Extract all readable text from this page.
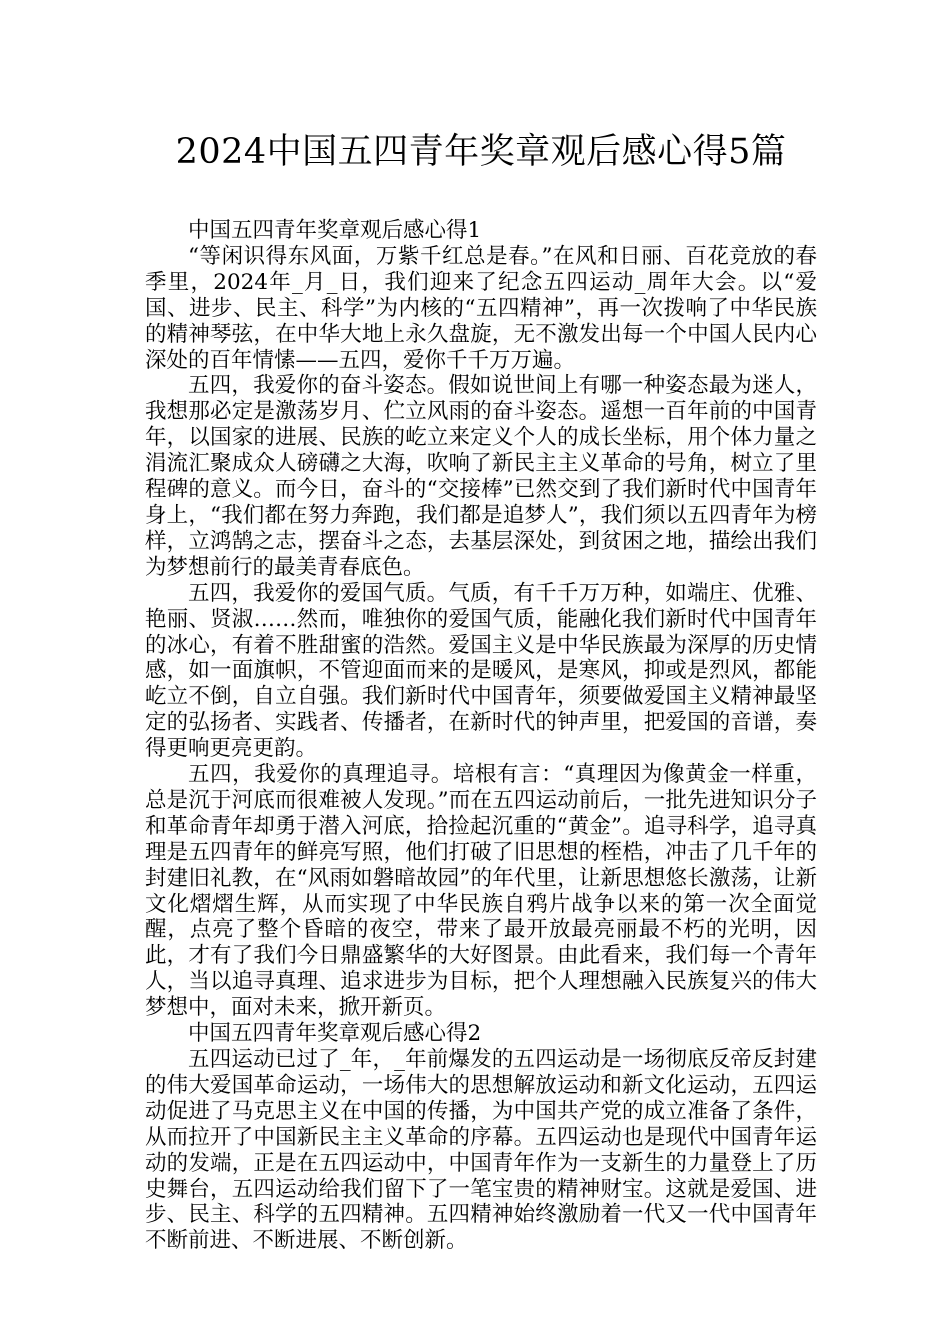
2024中国五四青年奖章观后感心得5篇
中国五四青年奖章观后感心得1

“等闲识得东风面，万紫千红总是春。”在风和日丽、百花竞放的春季里，2024年_月_日，我们迎来了纪念五四运动_周年大会。以“爱国、进步、民主、科学”为内核的“五四精神”，再一次拨响了中华民族的精神琴弦，在中华大地上永久盘旋，无不激发出每一个中国人民内心深处的百年情愫——五四，爱你千千万万遍。

五四，我爱你的奋斗姿态。假如说世间上有哪一种姿态最为迷人，我想那必定是激荡岁月、伫立风雨的奋斗姿态。遥想一百年前的中国青年，以国家的进展、民族的屹立来定义个人的成长坐标，用个体力量之涓流汇聚成众人磅礴之大海，吹响了新民主主义革命的号角，树立了里程碑的意义。而今日，奋斗的“交接棒”已然交到了我们新时代中国青年身上，“我们都在努力奔跑，我们都是追梦人”，我们须以五四青年为榜样，立鸿鹄之志，摆奋斗之态，去基层深处，到贫困之地，描绘出我们为梦想前行的最美青春底色。

五四，我爱你的爱国气质。气质，有千千万万种，如端庄、优雅、艳丽、贤淑……然而，唯独你的爱国气质，能融化我们新时代中国青年的冰心，有着不胜甜蜜的浩然。爱国主义是中华民族最为深厚的历史情感，如一面旗帜，不管迎面而来的是暖风，是寒风，抑或是烈风，都能屹立不倒，自立自强。我们新时代中国青年，须要做爱国主义精神最坚定的弘扬者、实践者、传播者，在新时代的钟声里，把爱国的音谱，奏得更响更亮更韵。

五四，我爱你的真理追寻。培根有言：“真理因为像黄金一样重，总是沉于河底而很难被人发现。”而在五四运动前后，一批先进知识分子和革命青年却勇于潜入河底，拾捡起沉重的“黄金”。追寻科学，追寻真理是五四青年的鲜亮写照，他们打破了旧思想的桎梏，冲击了几千年的封建旧礼教，在“风雨如磐暗故园”的年代里，让新思想悠长激荡，让新文化熠熠生辉，从而实现了中华民族自鸦片战争以来的第一次全面觉醒，点亮了整个昏暗的夜空，带来了最开放最亮丽最不朽的光明，因此，才有了我们今日鼎盛繁华的大好图景。由此看来，我们每一个青年人，当以追寻真理、追求进步为目标，把个人理想融入民族复兴的伟大梦想中，面对未来，掀开新页。

中国五四青年奖章观后感心得2

五四运动已过了_年，_年前爆发的五四运动是一场彻底反帝反封建的伟大爱国革命运动，一场伟大的思想解放运动和新文化运动，五四运动促进了马克思主义在中国的传播，为中国共产党的成立准备了条件，从而拉开了中国新民主主义革命的序幕。五四运动也是现代中国青年运动的发端，正是在五四运动中，中国青年作为一支新生的力量登上了历史舞台，五四运动给我们留下了一笔宝贵的精神财宝。这就是爱国、进步、民主、科学的五四精神。五四精神始终激励着一代又一代中国青年不断前进、不断进展、不断创新。
